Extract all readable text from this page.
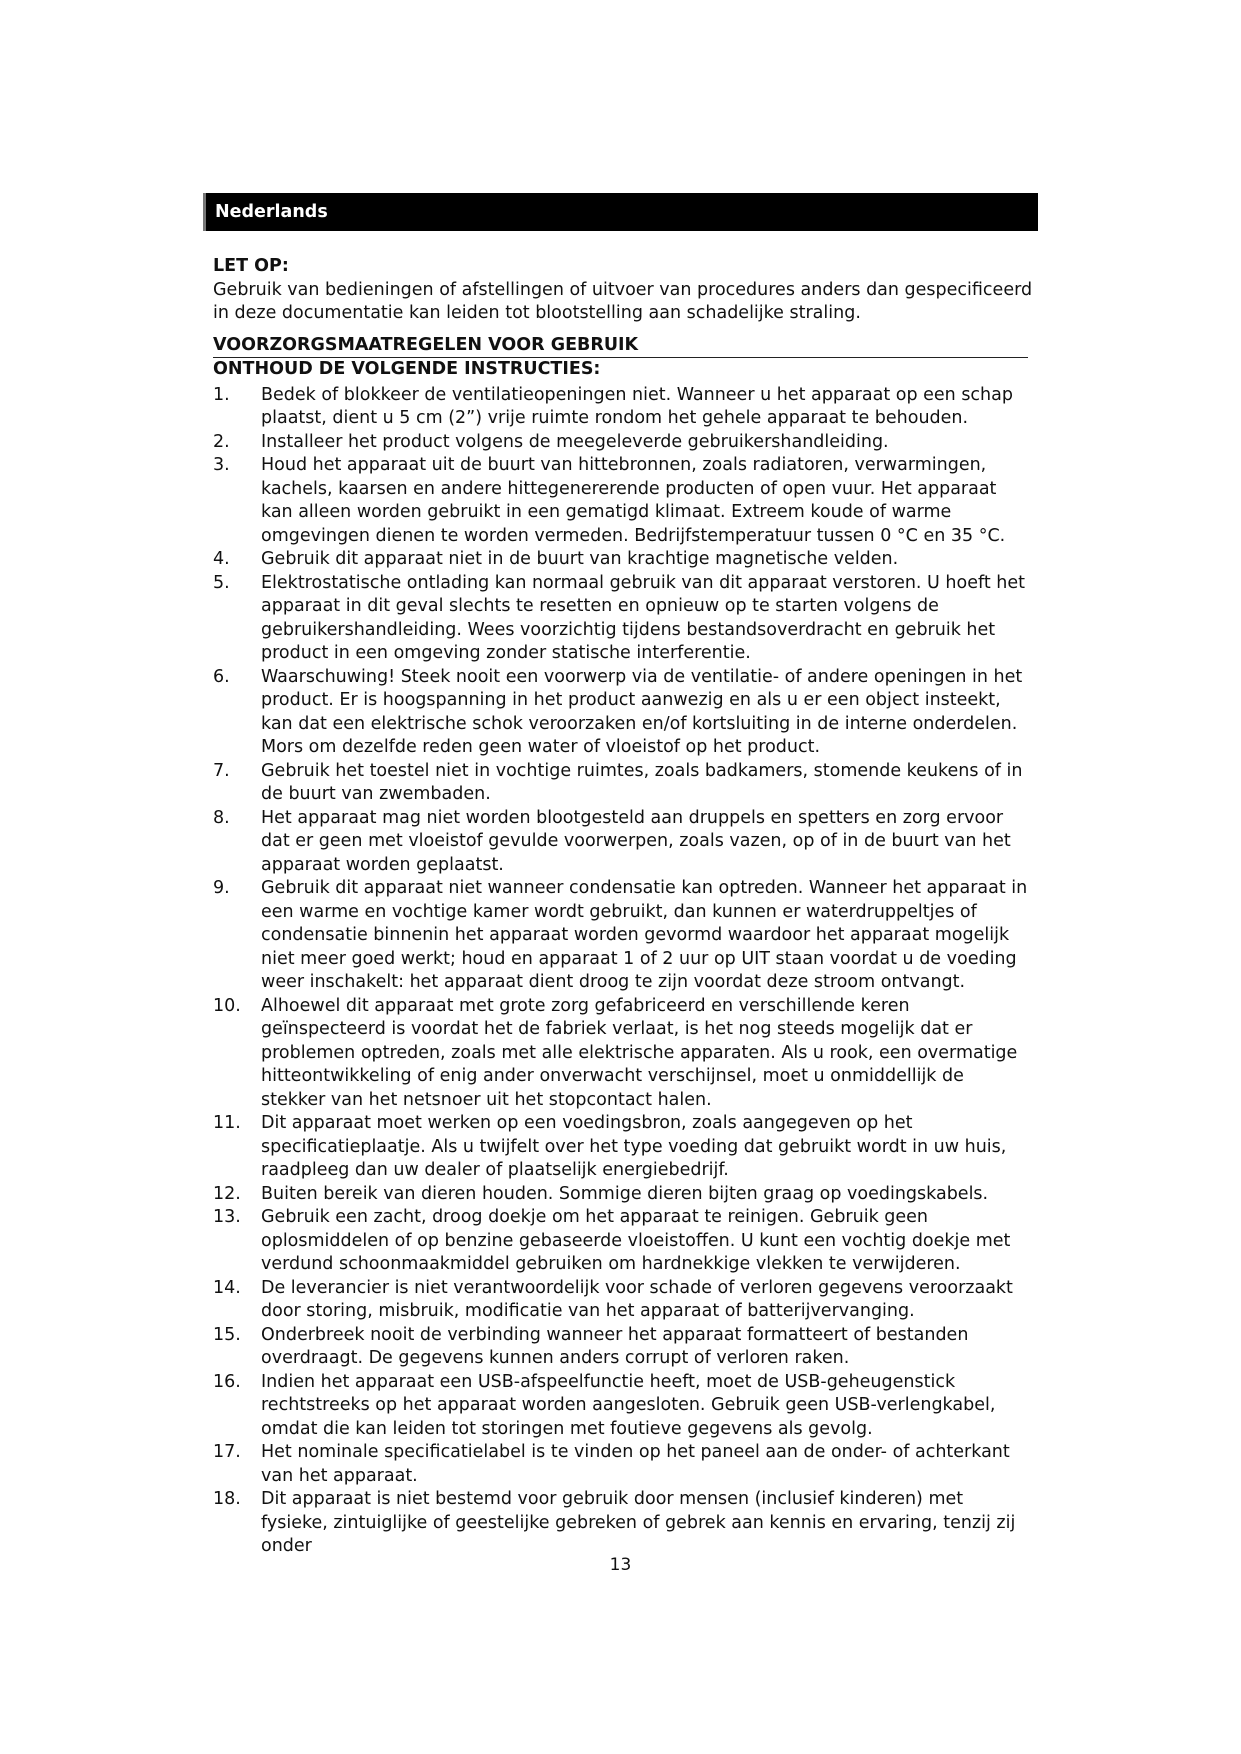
Nederlands
LET OP:
Gebruik van bedieningen of afstellingen of uitvoer van procedures anders dan gespecificeerd in deze documentatie kan leiden tot blootstelling aan schadelijke straling.
VOORZORGSMAATREGELEN VOOR GEBRUIK
ONTHOUD DE VOLGENDE INSTRUCTIES:
1. Bedek of blokkeer de ventilatieopeningen niet. Wanneer u het apparaat op een schap plaatst, dient u 5 cm (2”) vrije ruimte rondom het gehele apparaat te behouden.
2. Installeer het product volgens de meegeleverde gebruikershandleiding.
3. Houd het apparaat uit de buurt van hittebronnen, zoals radiatoren, verwarmingen, kachels, kaarsen en andere hittegenererende producten of open vuur. Het apparaat kan alleen worden gebruikt in een gematigd klimaat. Extreem koude of warme omgevingen dienen te worden vermeden. Bedrijfstemperatuur tussen 0 °C en 35 °C.
4. Gebruik dit apparaat niet in de buurt van krachtige magnetische velden.
5. Elektrostatische ontlading kan normaal gebruik van dit apparaat verstoren. U hoeft het apparaat in dit geval slechts te resetten en opnieuw op te starten volgens de gebruikershandleiding. Wees voorzichtig tijdens bestandsoverdracht en gebruik het product in een omgeving zonder statische interferentie.
6. Waarschuwing! Steek nooit een voorwerp via de ventilatie- of andere openingen in het product. Er is hoogspanning in het product aanwezig en als u er een object insteekt, kan dat een elektrische schok veroorzaken en/of kortsluiting in de interne onderdelen. Mors om dezelfde reden geen water of vloeistof op het product.
7. Gebruik het toestel niet in vochtige ruimtes, zoals badkamers, stomende keukens of in de buurt van zwembaden.
8. Het apparaat mag niet worden blootgesteld aan druppels en spetters en zorg ervoor dat er geen met vloeistof gevulde voorwerpen, zoals vazen, op of in de buurt van het apparaat worden geplaatst.
9. Gebruik dit apparaat niet wanneer condensatie kan optreden. Wanneer het apparaat in een warme en vochtige kamer wordt gebruikt, dan kunnen er waterdruppeltjes of condensatie binnenin het apparaat worden gevormd waardoor het apparaat mogelijk niet meer goed werkt; houd en apparaat 1 of 2 uur op UIT staan voordat u de voeding weer inschakelt: het apparaat dient droog te zijn voordat deze stroom ontvangt.
10. Alhoewel dit apparaat met grote zorg gefabriceerd en verschillende keren geïnspecteerd is voordat het de fabriek verlaat, is het nog steeds mogelijk dat er problemen optreden, zoals met alle elektrische apparaten. Als u rook, een overmatige hitteontwikkeling of enig ander onverwacht verschijnsel, moet u onmiddellijk de stekker van het netsnoer uit het stopcontact halen.
11. Dit apparaat moet werken op een voedingsbron, zoals aangegeven op het specificatieplaatje. Als u twijfelt over het type voeding dat gebruikt wordt in uw huis, raadpleeg dan uw dealer of plaatselijk energiebedrijf.
12. Buiten bereik van dieren houden. Sommige dieren bijten graag op voedingskabels.
13. Gebruik een zacht, droog doekje om het apparaat te reinigen. Gebruik geen oplosmiddelen of op benzine gebaseerde vloeistoffen. U kunt een vochtig doekje met verdund schoonmaakmiddel gebruiken om hardnekkige vlekken te verwijderen.
14. De leverancier is niet verantwoordelijk voor schade of verloren gegevens veroorzaakt door storing, misbruik, modificatie van het apparaat of batterijvervanging.
15. Onderbreek nooit de verbinding wanneer het apparaat formatteert of bestanden overdraagt. De gegevens kunnen anders corrupt of verloren raken.
16. Indien het apparaat een USB-afspeelfunctie heeft, moet de USB-geheugenstick rechtstreeks op het apparaat worden aangesloten. Gebruik geen USB-verlengkabel, omdat die kan leiden tot storingen met foutieve gegevens als gevolg.
17. Het nominale specificatielabel is te vinden op het paneel aan de onder- of achterkant van het apparaat.
18. Dit apparaat is niet bestemd voor gebruik door mensen (inclusief kinderen) met fysieke, zintuiglijke of geestelijke gebreken of gebrek aan kennis en ervaring, tenzij zij onder
13
